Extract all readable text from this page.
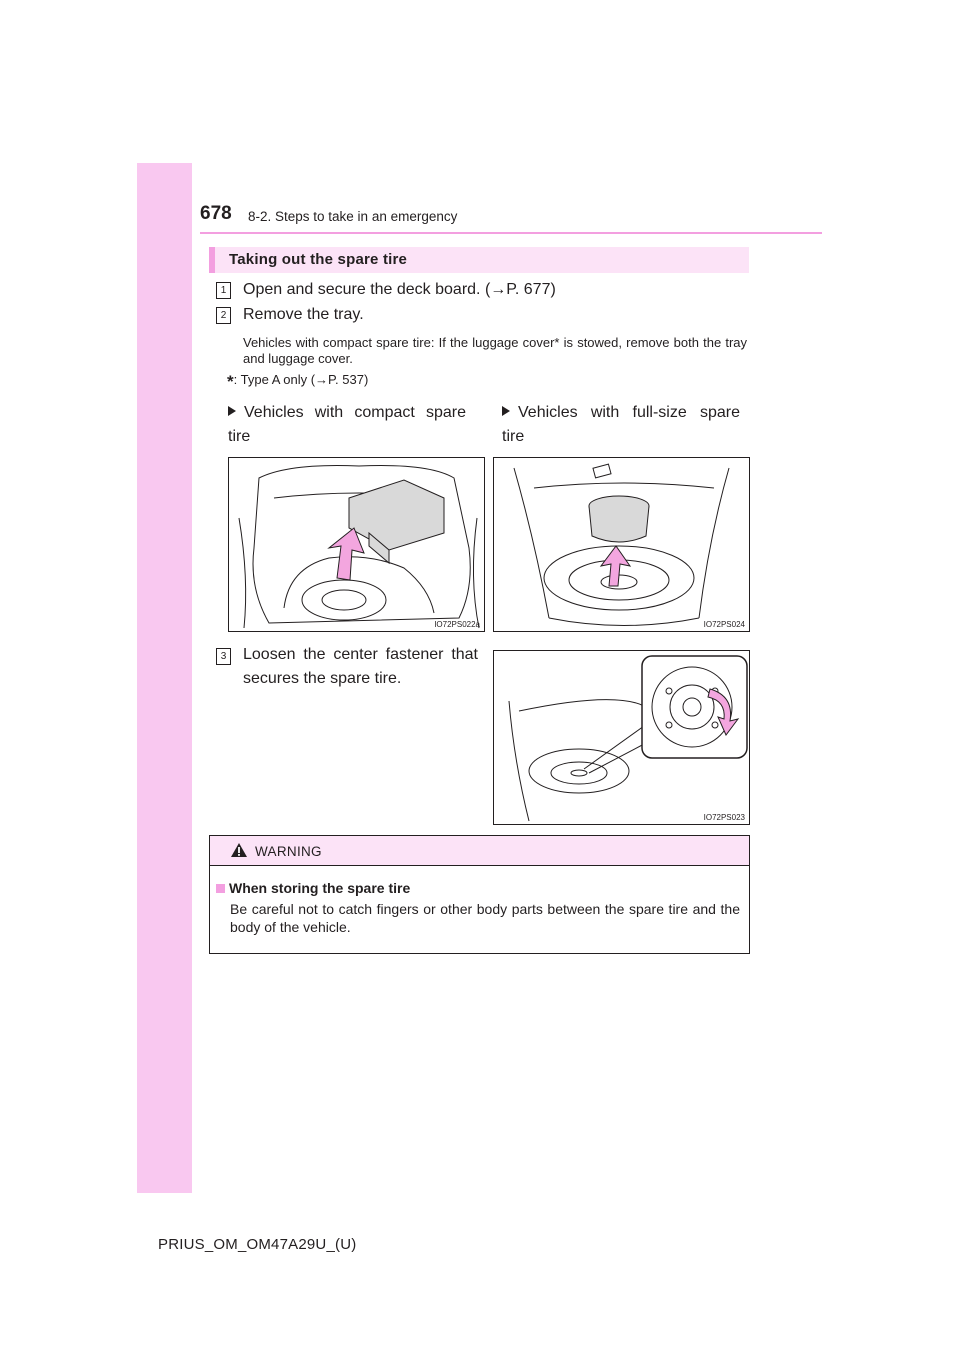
678 8-2. Steps to take in an emergency
Taking out the spare tire
1 Open and secure the deck board. (→P. 677)
2 Remove the tray.
Vehicles with compact spare tire: If the luggage cover* is stowed, remove both the tray and luggage cover.
*: Type A only (→P. 537)
Vehicles with compact spare tire
Vehicles with full-size spare tire
IO72PS022a	IO72PS024
3 Loosen the center fastener that secures the spare tire.
IO72PS023
WARNING
When storing the spare tire
Be careful not to catch fingers or other body parts between the spare tire and the body of the vehicle.
PRIUS_OM_OM47A29U_(U)
